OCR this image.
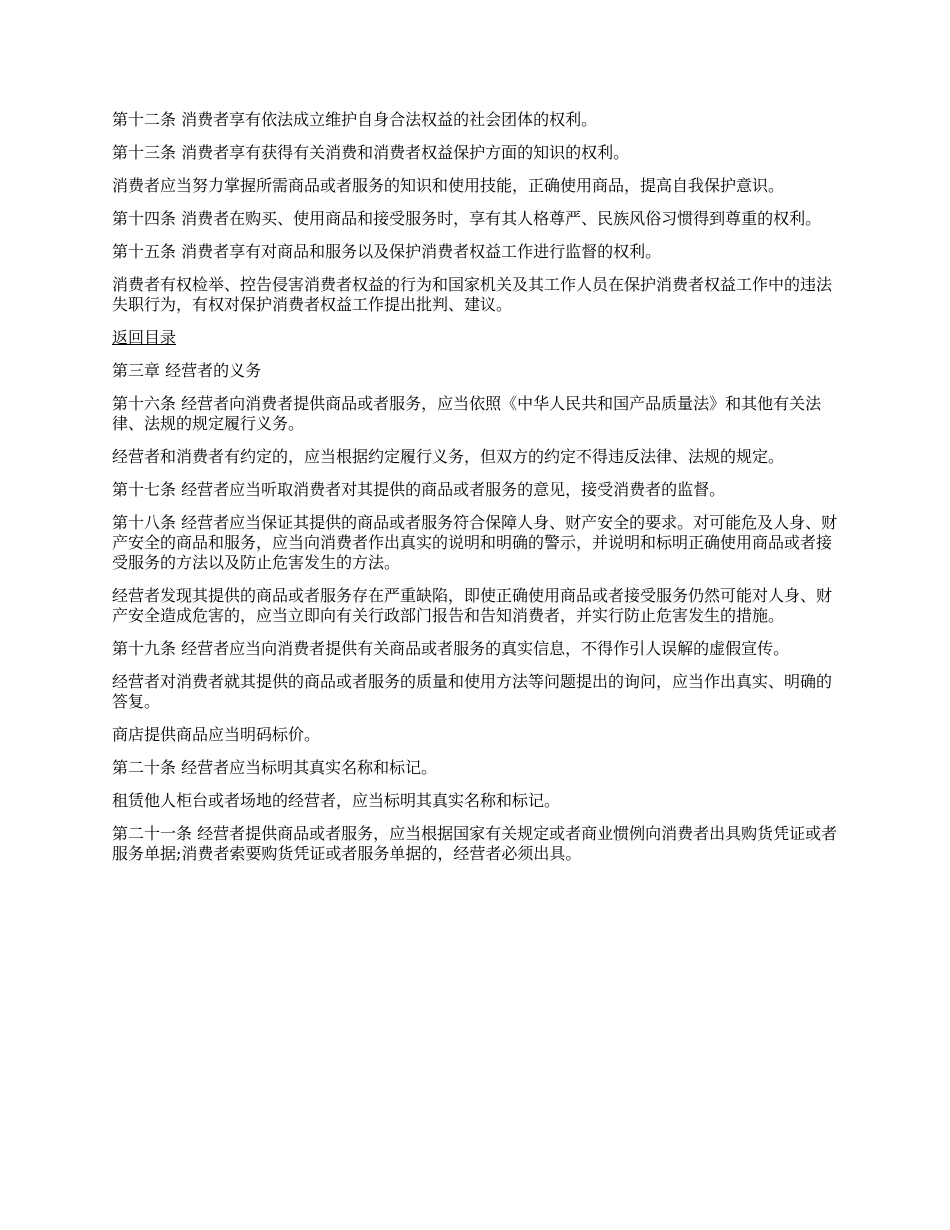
第十二条 消费者享有依法成立维护自身合法权益的社会团体的权利。

第十三条 消费者享有获得有关消费和消费者权益保护方面的知识的权利。

消费者应当努力掌握所需商品或者服务的知识和使用技能，正确使用商品，提高自我保护意识。

第十四条 消费者在购买、使用商品和接受服务时，享有其人格尊严、民族风俗习惯得到尊重的权利。

第十五条 消费者享有对商品和服务以及保护消费者权益工作进行监督的权利。

消费者有权检举、控告侵害消费者权益的行为和国家机关及其工作人员在保护消费者权益工作中的违法失职行为，有权对保护消费者权益工作提出批判、建议。

返回目录

第三章 经营者的义务

第十六条 经营者向消费者提供商品或者服务，应当依照《中华人民共和国产品质量法》和其他有关法律、法规的规定履行义务。

经营者和消费者有约定的，应当根据约定履行义务，但双方的约定不得违反法律、法规的规定。

第十七条 经营者应当听取消费者对其提供的商品或者服务的意见，接受消费者的监督。

第十八条 经营者应当保证其提供的商品或者服务符合保障人身、财产安全的要求。对可能危及人身、财产安全的商品和服务，应当向消费者作出真实的说明和明确的警示，并说明和标明正确使用商品或者接受服务的方法以及防止危害发生的方法。

经营者发现其提供的商品或者服务存在严重缺陷，即使正确使用商品或者接受服务仍然可能对人身、财产安全造成危害的，应当立即向有关行政部门报告和告知消费者，并实行防止危害发生的措施。

第十九条 经营者应当向消费者提供有关商品或者服务的真实信息，不得作引人误解的虚假宣传。

经营者对消费者就其提供的商品或者服务的质量和使用方法等问题提出的询问，应当作出真实、明确的答复。

商店提供商品应当明码标价。

第二十条 经营者应当标明其真实名称和标记。

租赁他人柜台或者场地的经营者，应当标明其真实名称和标记。

第二十一条 经营者提供商品或者服务，应当根据国家有关规定或者商业惯例向消费者出具购货凭证或者服务单据;消费者索要购货凭证或者服务单据的，经营者必须出具。
